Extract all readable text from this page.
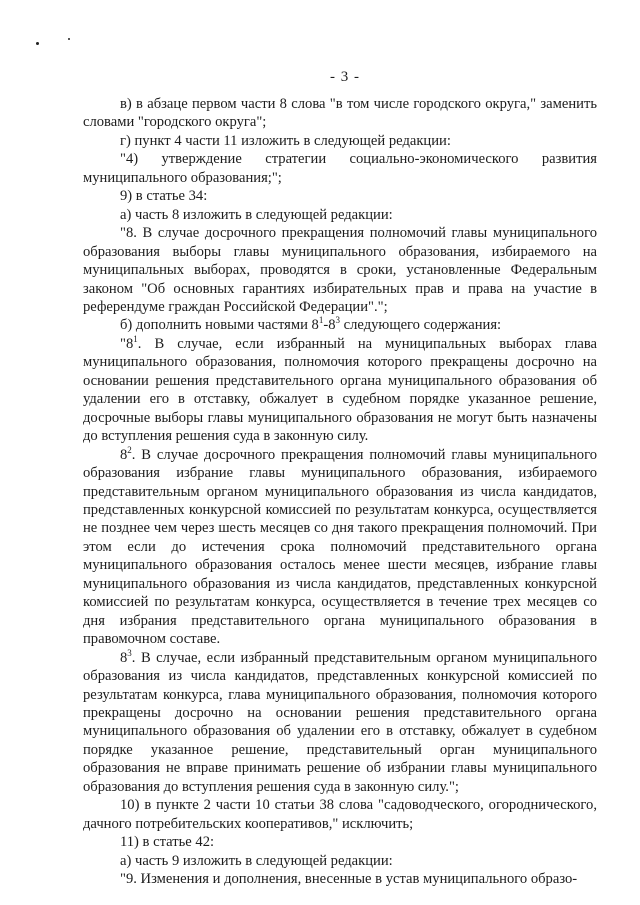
- 3 -

в) в абзаце первом части 8 слова "в том числе городского округа," заменить словами "городского округа";

г) пункт 4 части 11 изложить в следующей редакции:

"4) утверждение стратегии социально-экономического развития муниципального образования;";

9) в статье 34:

а) часть 8 изложить в следующей редакции:

"8. В случае досрочного прекращения полномочий главы муниципального образования выборы главы муниципального образования, избираемого на муниципальных выборах, проводятся в сроки, установленные Федеральным законом "Об основных гарантиях избирательных прав и права на участие в референдуме граждан Российской Федерации".";

б) дополнить новыми частями $8^1-8^3$ следующего содержания:

"$8^1$. В случае, если избранный на муниципальных выборах глава муниципального образования, полномочия которого прекращены досрочно на основании решения представительного органа муниципального образования об удалении его в отставку, обжалует в судебном порядке указанное решение, досрочные выборы главы муниципального образования не могут быть назначены до вступления решения суда в законную силу.

$8^2$. В случае досрочного прекращения полномочий главы муниципального образования избрание главы муниципального образования, избираемого представительным органом муниципального образования из числа кандидатов, представленных конкурсной комиссией по результатам конкурса, осуществляется не позднее чем через шесть месяцев со дня такого прекращения полномочий. При этом если до истечения срока полномочий представительного органа муниципального образования осталось менее шести месяцев, избрание главы муниципального образования из числа кандидатов, представленных конкурсной комиссией по результатам конкурса, осуществляется в течение трех месяцев со дня избрания представительного органа муниципального образования в правомочном составе.

$8^3$. В случае, если избранный представительным органом муниципального образования из числа кандидатов, представленных конкурсной комиссией по результатам конкурса, глава муниципального образования, полномочия которого прекращены досрочно на основании решения представительного органа муниципального образования об удалении его в отставку, обжалует в судебном порядке указанное решение, представительный орган муниципального образования не вправе принимать решение об избрании главы муниципального образования до вступления решения суда в законную силу.";

10) в пункте 2 части 10 статьи 38 слова "садоводческого, огороднического, дачного потребительских кооперативов," исключить;

11) в статье 42:

а) часть 9 изложить в следующей редакции:

"9. Изменения и дополнения, внесенные в устав муниципального образо-
